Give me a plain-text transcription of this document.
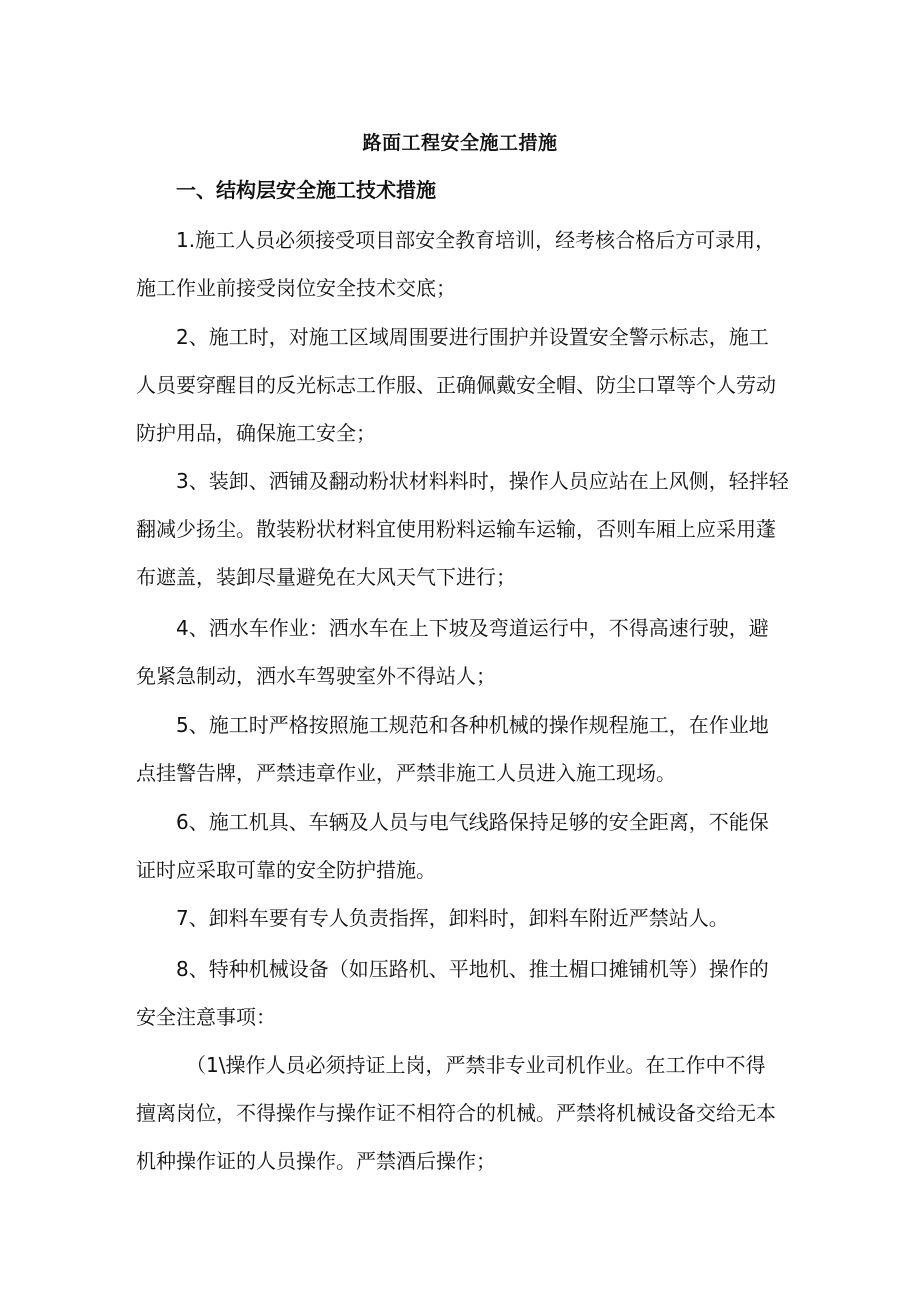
路面工程安全施工措施
一、结构层安全施工技术措施
1.施工人员必须接受项目部安全教育培训，经考核合格后方可录用，
施工作业前接受岗位安全技术交底；
2、施工时，对施工区域周围要进行围护并设置安全警示标志，施工
人员要穿醒目的反光标志工作服、正确佩戴安全帽、防尘口罩等个人劳动
防护用品，确保施工安全；
3、装卸、洒铺及翻动粉状材料料时，操作人员应站在上风侧，轻拌轻
翻减少扬尘。散装粉状材料宜使用粉料运输车运输，否则车厢上应采用蓬
布遮盖，装卸尽量避免在大风天气下进行；
4、洒水车作业：洒水车在上下坡及弯道运行中，不得高速行驶，避
免紧急制动，洒水车驾驶室外不得站人；
5、施工时严格按照施工规范和各种机械的操作规程施工，在作业地
点挂警告牌，严禁违章作业，严禁非施工人员进入施工现场。
6、施工机具、车辆及人员与电气线路保持足够的安全距离，不能保
证时应采取可靠的安全防护措施。
7、卸料车要有专人负责指挥，卸料时，卸料车附近严禁站人。
8、特种机械设备（如压路机、平地机、推土楣口摊铺机等）操作的
安全注意事项：
（1\操作人员必须持证上岗，严禁非专业司机作业。在工作中不得
擅离岗位，不得操作与操作证不相符合的机械。严禁将机械设备交给无本
机种操作证的人员操作。严禁酒后操作；
